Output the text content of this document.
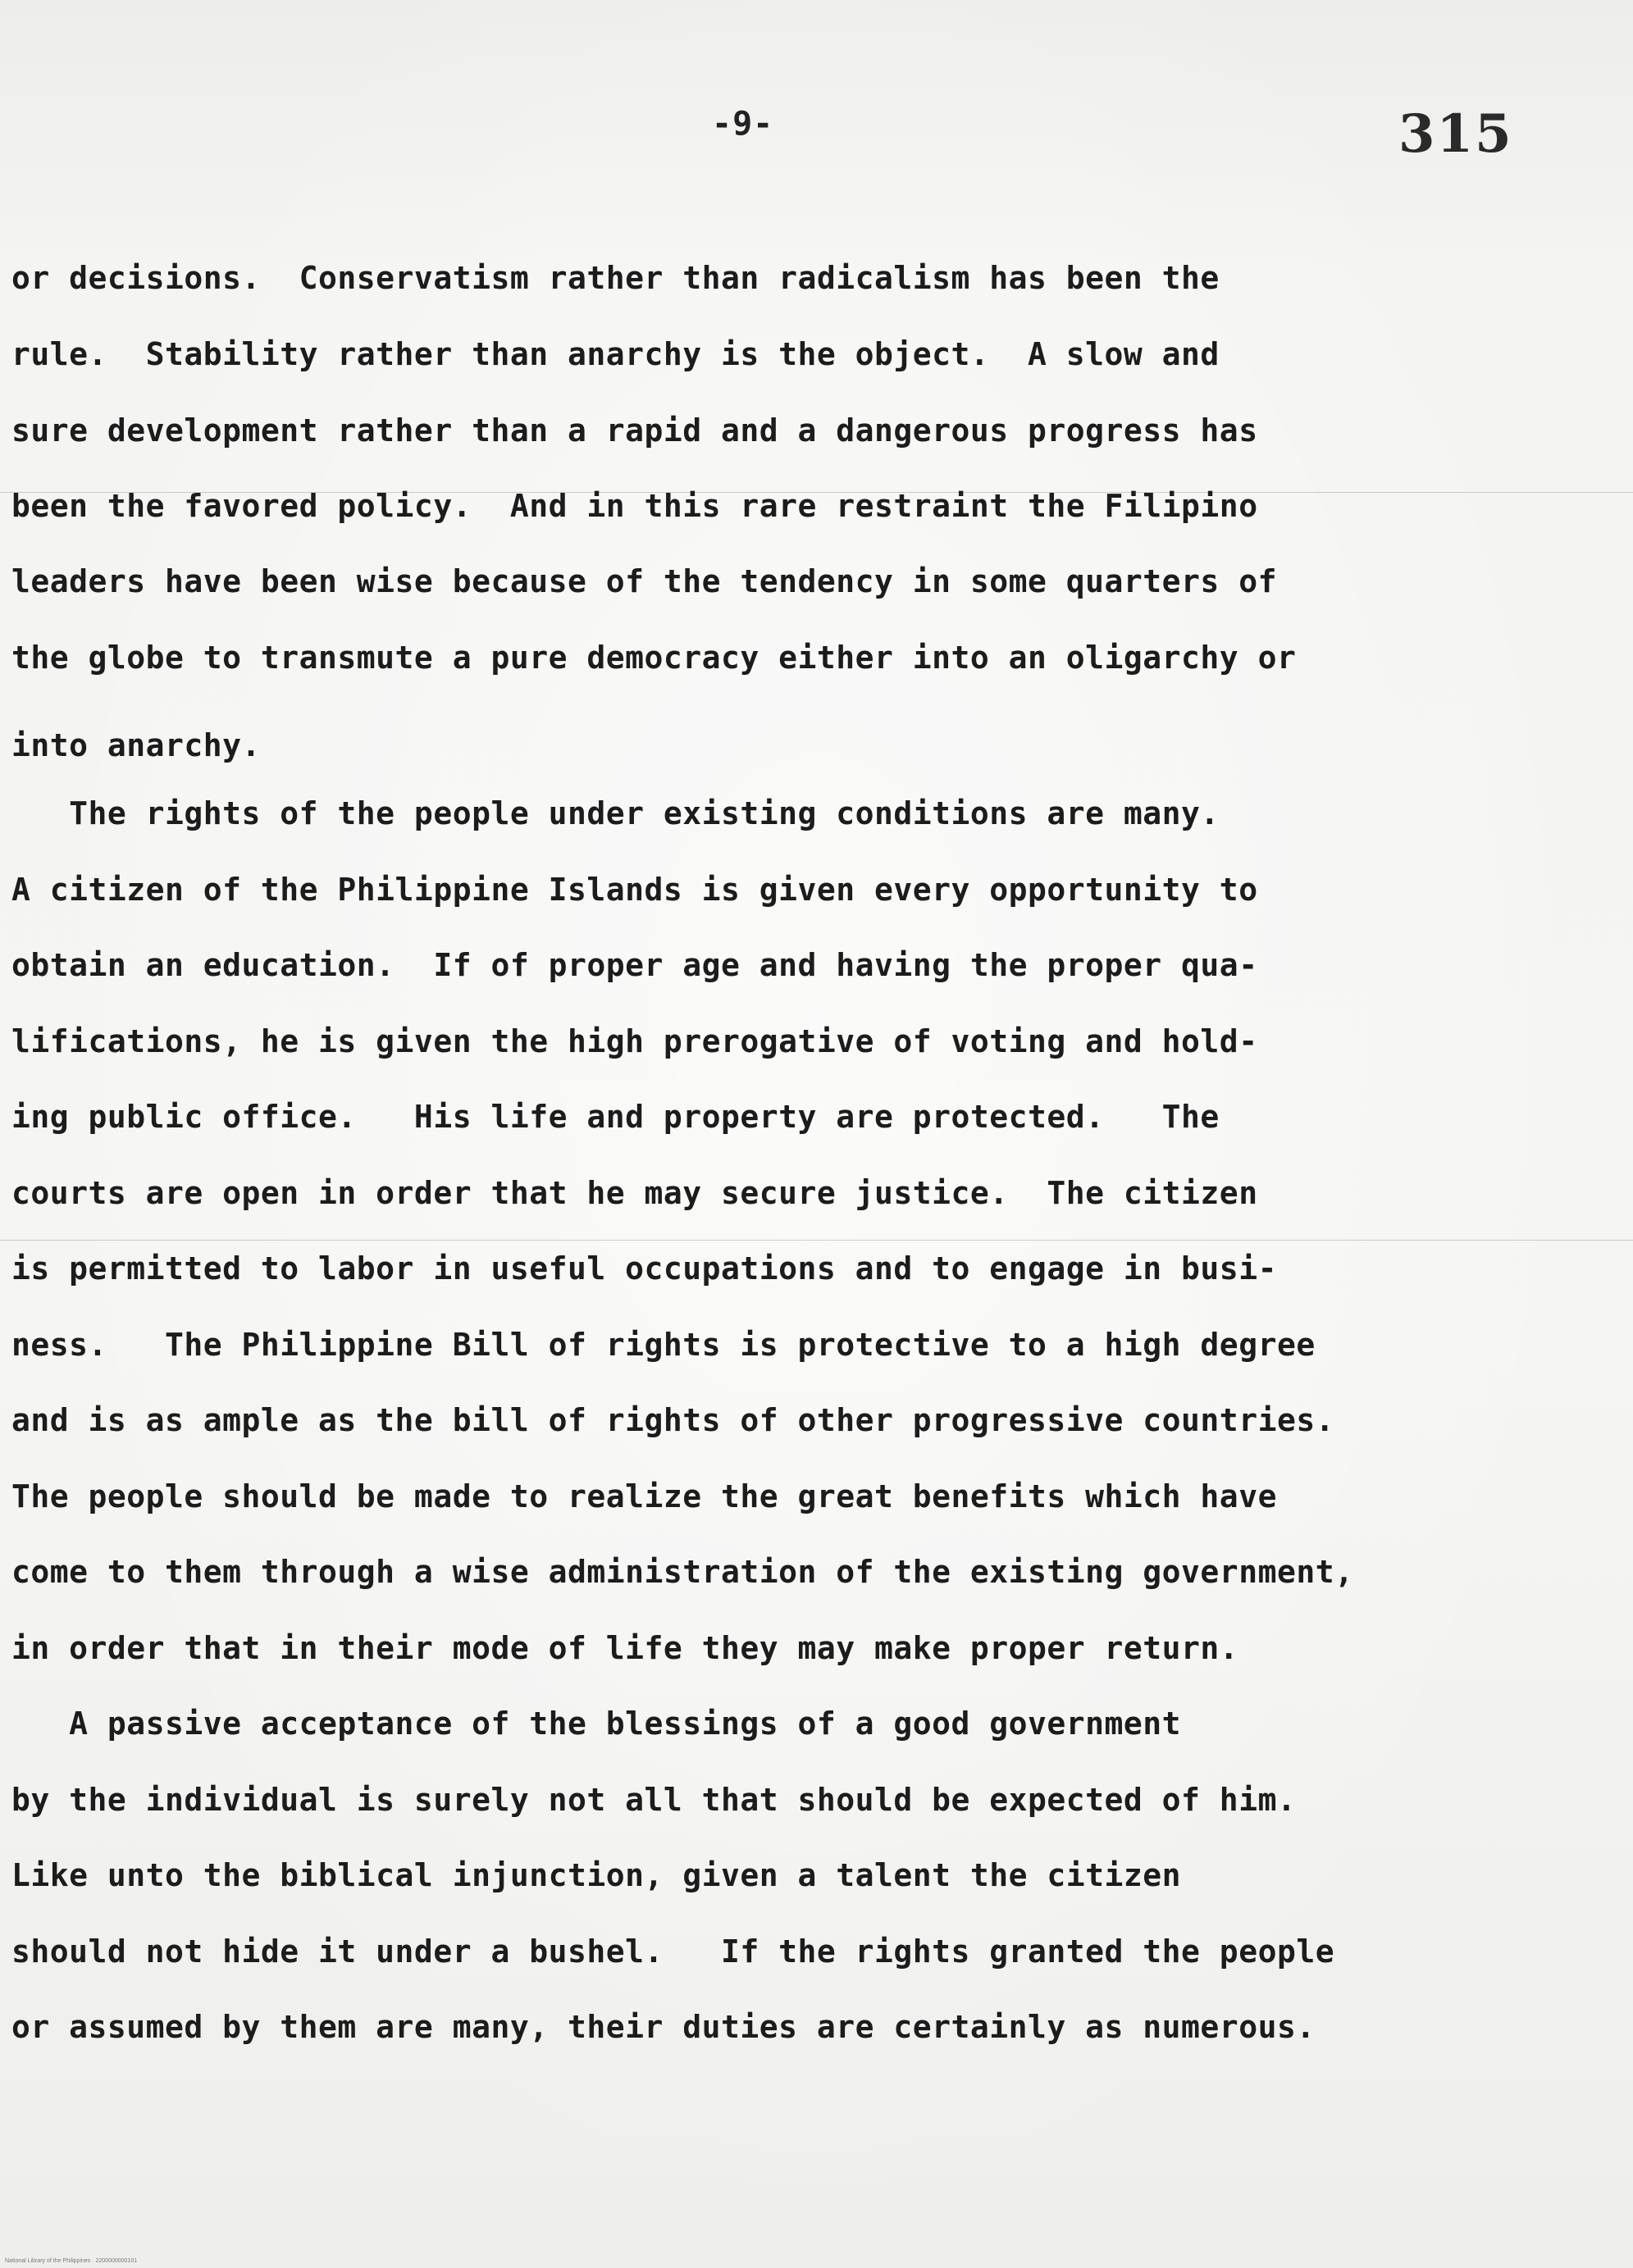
-9-	315
or decisions.  Conservatism rather than radicalism has been the
rule.  Stability rather than anarchy is the object.  A slow and
sure development rather than a rapid and a dangerous progress has
been the favored policy.  And in this rare restraint the Filipino
leaders have been wise because of the tendency in some quarters of
the globe to transmute a pure democracy either into an oligarchy or
into anarchy.
The rights of the people under existing conditions are many.
A citizen of the Philippine Islands is given every opportunity to
obtain an education.  If of proper age and having the proper qua-
lifications, he is given the high prerogative of voting and hold-
ing public office.   His life and property are protected.   The
courts are open in order that he may secure justice.  The citizen
is permitted to labor in useful occupations and to engage in busi-
ness.   The Philippine Bill of rights is protective to a high degree
and is as ample as the bill of rights of other progressive countries.
The people should be made to realize the great benefits which have
come to them through a wise administration of the existing government,
in order that in their mode of life they may make proper return.
A passive acceptance of the blessings of a good government
by the individual is surely not all that should be expected of him.
Like unto the biblical injunction, given a talent the citizen
should not hide it under a bushel.   If the rights granted the people
or assumed by them are many, their duties are certainly as numerous.
National Library of the Philippines · 2200000000101
